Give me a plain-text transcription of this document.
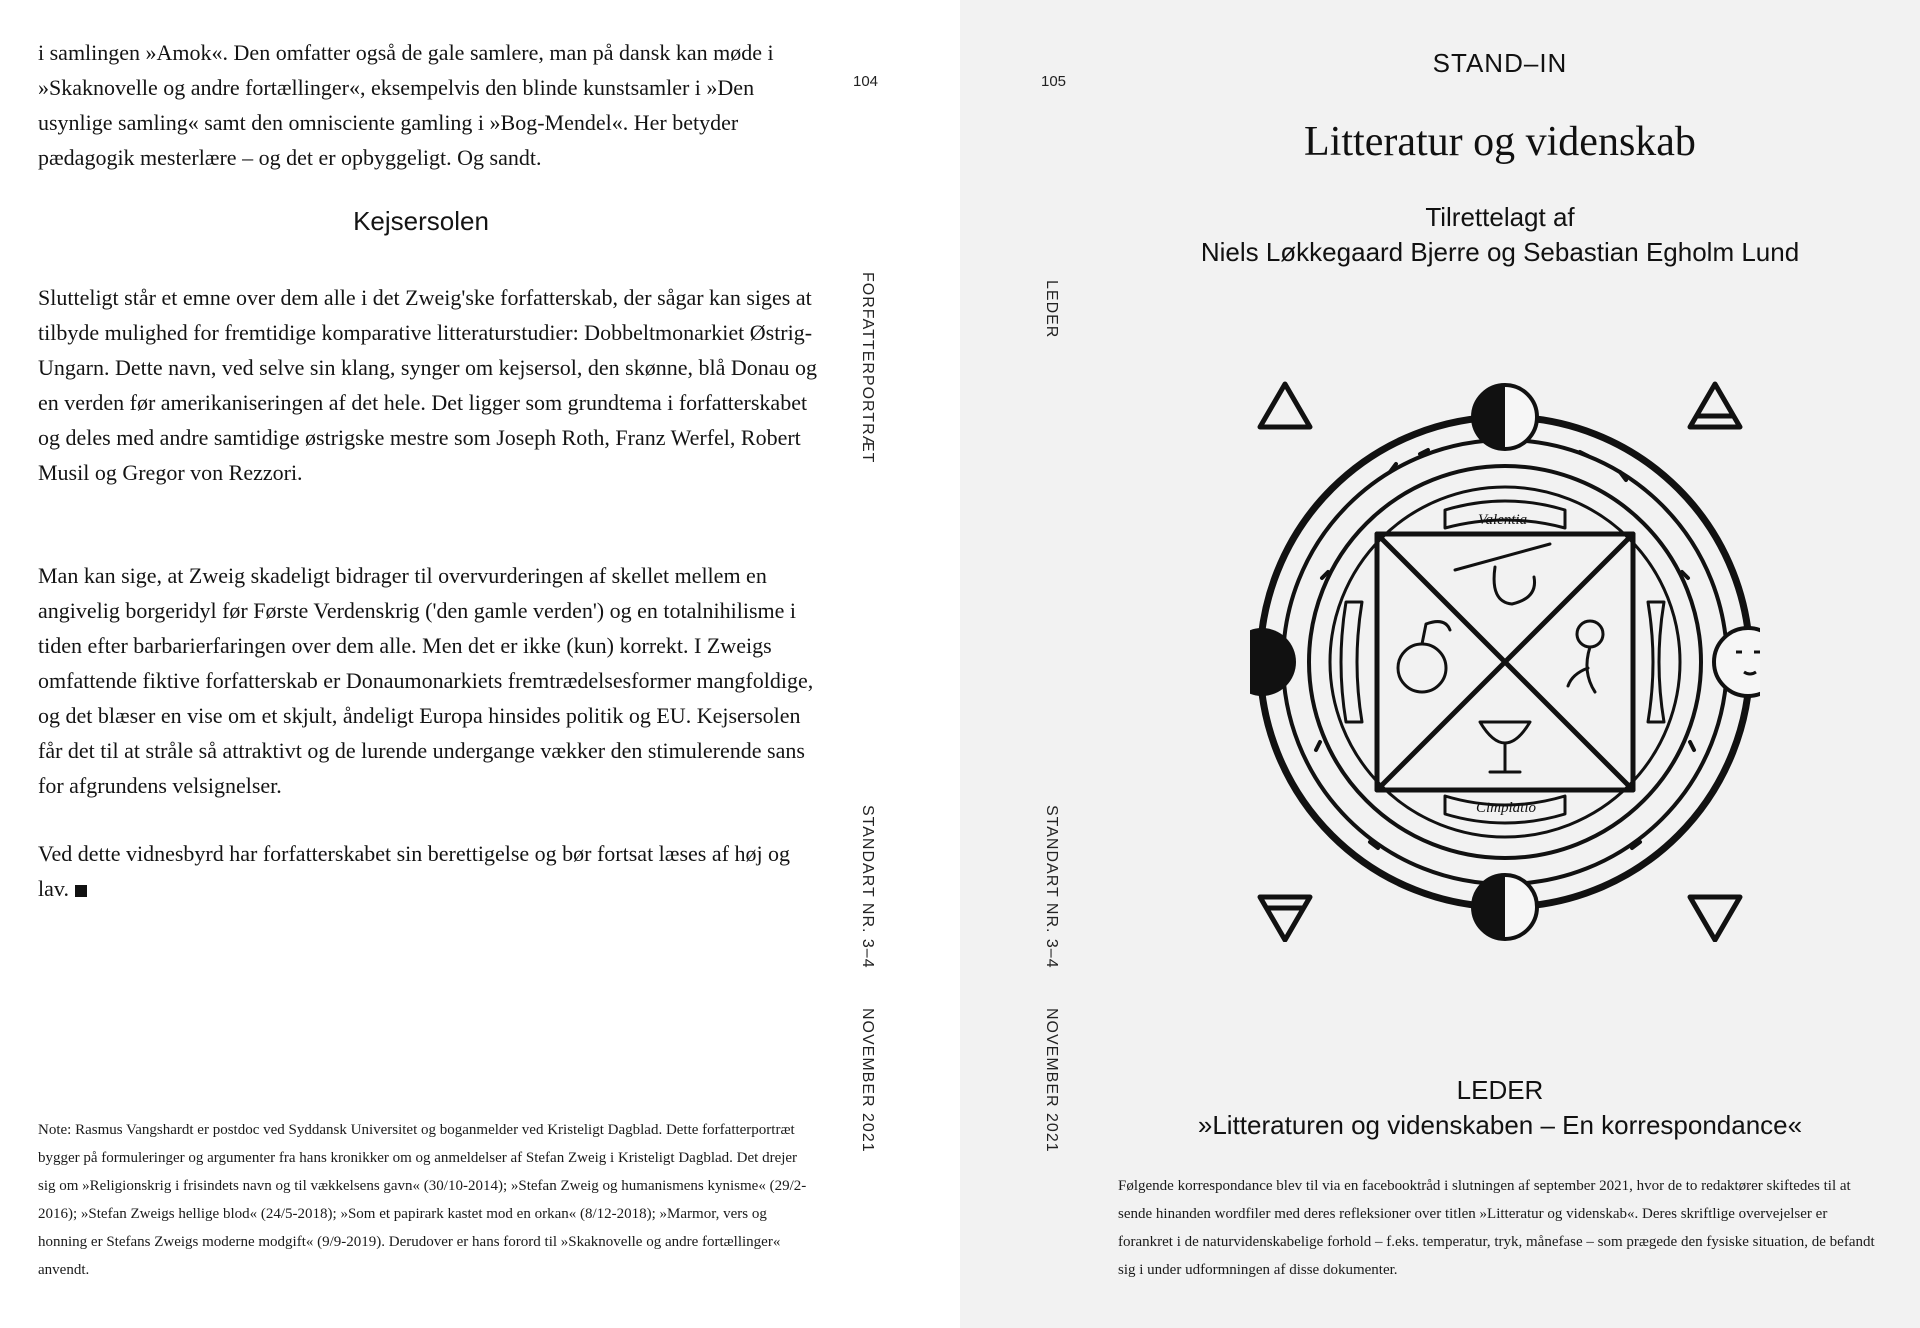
i samlingen »Amok«. Den omfatter også de gale samlere, man på dansk kan møde i »Skaknovelle og andre fortællinger«, eksempelvis den blinde kunstsamler i »Den usynlige samling« samt den omnisciente gamling i »Bog-Mendel«. Her betyder pædagogik mesterlære – og det er opbyggeligt. Og sandt.
Kejsersolen
Slutteligt står et emne over dem alle i det Zweig'ske forfatterskab, der sågar kan siges at tilbyde mulighed for fremtidige komparative litteraturstudier: Dobbeltmonarkiet Østrig-Ungarn. Dette navn, ved selve sin klang, synger om kejsersol, den skønne, blå Donau og en verden før amerikaniseringen af det hele. Det ligger som grundtema i forfatterskabet og deles med andre samtidige østrigske mestre som Joseph Roth, Franz Werfel, Robert Musil og Gregor von Rezzori.
Man kan sige, at Zweig skadeligt bidrager til overvurderingen af skellet mellem en angivelig borgeridyl før Første Verdenskrig ('den gamle verden') og en totalnihilisme i tiden efter barbarierfaringen over dem alle. Men det er ikke (kun) korrekt. I Zweigs omfattende fiktive forfatterskab er Donaumonarkiets fremtrædelsesformer mangfoldige, og det blæser en vise om et skjult, åndeligt Europa hinsides politik og EU. Kejsersolen får det til at stråle så attraktivt og de lurende undergange vækker den stimulerende sans for afgrundens velsignelser.
Ved dette vidnesbyrd har forfatterskabet sin berettigelse og bør fortsat læses af høj og lav.
Note: Rasmus Vangshardt er postdoc ved Syddansk Universitet og boganmelder ved Kristeligt Dagblad. Dette forfatterportræt bygger på formuleringer og argumenter fra hans kronikker om og anmeldelser af Stefan Zweig i Kristeligt Dagblad. Det drejer sig om »Religionskrig i frisindets navn og til vækkelsens gavn« (30/10-2014); »Stefan Zweig og humanismens kynisme« (29/2-2016); »Stefan Zweigs hellige blod« (24/5-2018); »Som et papirark kastet mod en orkan« (8/12-2018); »Marmor, vers og honning er Stefans Zweigs moderne modgift« (9/9-2019). Derudover er hans forord til »Skaknovelle og andre fortællinger« anvendt.
104
FORFATTERPORTRÆT
STANDART NR. 3–4
NOVEMBER 2021
105
LEDER
STANDART NR. 3–4
NOVEMBER 2021
STAND–IN
Litteratur og videnskab
Tilrettelagt af
Niels Løkkegaard Bjerre og Sebastian Egholm Lund
Valentia
Cimplatio
LEDER
»Litteraturen og videnskaben – En korrespondance«
Følgende korrespondance blev til via en facebooktråd i slutningen af september 2021, hvor de to redaktører skiftedes til at sende hinanden wordfiler med deres refleksioner over titlen »Litteratur og videnskab«. Deres skriftlige overvejelser er forankret i de naturvidenskabelige forhold – f.eks. temperatur, tryk, månefase – som prægede den fysiske situation, de befandt sig i under udformningen af disse dokumenter.
